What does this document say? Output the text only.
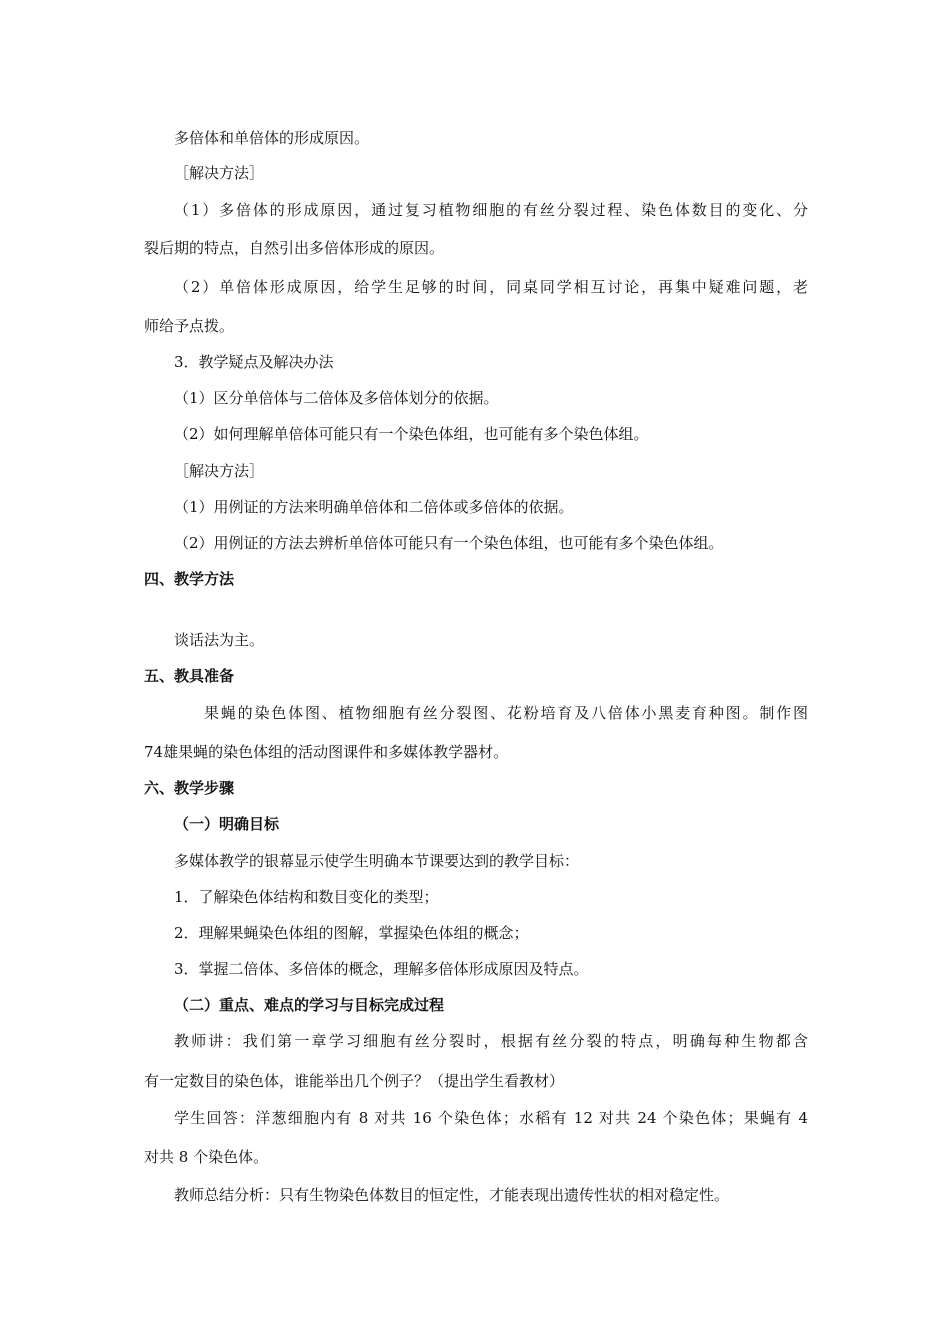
多倍体和单倍体的形成原因。

［解决方法］

（1）多倍体的形成原因，通过复习植物细胞的有丝分裂过程、染色体数目的变化、分

裂后期的特点，自然引出多倍体形成的原因。

（2）单倍体形成原因，给学生足够的时间，同桌同学相互讨论，再集中疑难问题，老

师给予点拨。

3．教学疑点及解决办法

（1）区分单倍体与二倍体及多倍体划分的依据。

（2）如何理解单倍体可能只有一个染色体组，也可能有多个染色体组。

［解决方法］

（1）用例证的方法来明确单倍体和二倍体或多倍体的依据。

（2）用例证的方法去辨析单倍体可能只有一个染色体组，也可能有多个染色体组。

四、教学方法

谈话法为主。

五、教具准备

果蝇的染色体图、植物细胞有丝分裂图、花粉培育及八倍体小黑麦育种图。制作图

74雄果蝇的染色体组的活动图课件和多媒体教学器材。

六、教学步骤

（一）明确目标

多媒体教学的银幕显示使学生明确本节课要达到的教学目标：

1．了解染色体结构和数目变化的类型；

2．理解果蝇染色体组的图解，掌握染色体组的概念；

3．掌握二倍体、多倍体的概念，理解多倍体形成原因及特点。

（二）重点、难点的学习与目标完成过程

教师讲：我们第一章学习细胞有丝分裂时，根据有丝分裂的特点，明确每种生物都含

有一定数目的染色体，谁能举出几个例子？（提出学生看教材）

学生回答：洋葱细胞内有 8 对共 16 个染色体；水稻有 12 对共 24 个染色体；果蝇有 4

对共 8 个染色体。

教师总结分析：只有生物染色体数目的恒定性，才能表现出遗传性状的相对稳定性。
